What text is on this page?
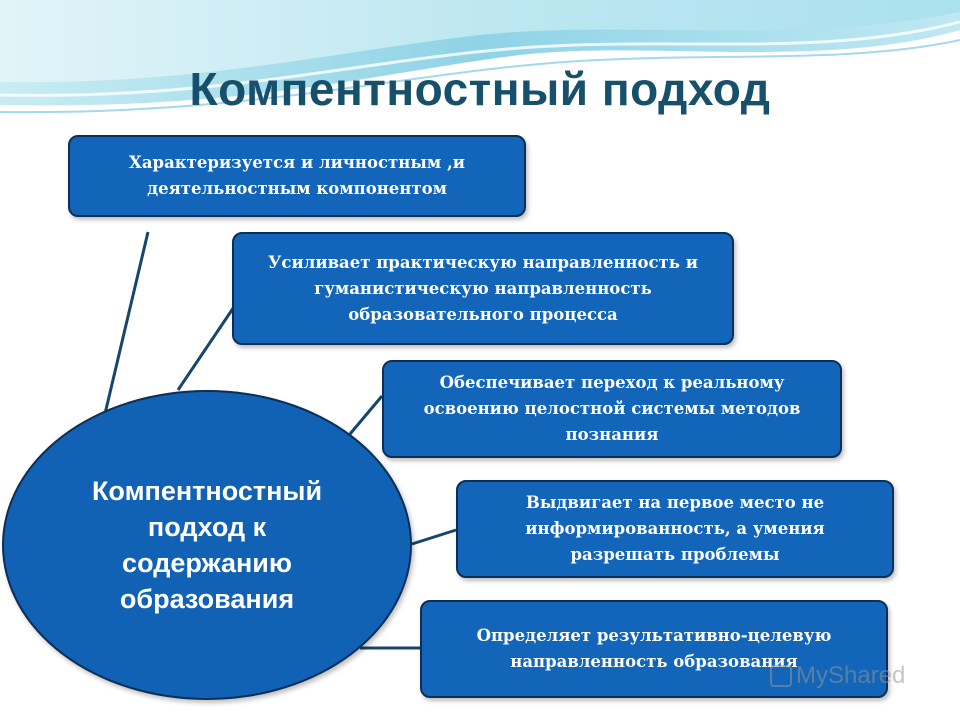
Компентностный подход
Характеризуется и личностным ,и деятельностным компонентом
Усиливает практическую направленность и гуманистическую направленность образовательного процесса
Обеспечивает переход к реальному освоению целостной системы методов познания
Выдвигает на первое место не информированность, а умения разрешать проблемы
Определяет результативно-целевую направленность образования
Компентностный подход к содержанию образования
MyShared
